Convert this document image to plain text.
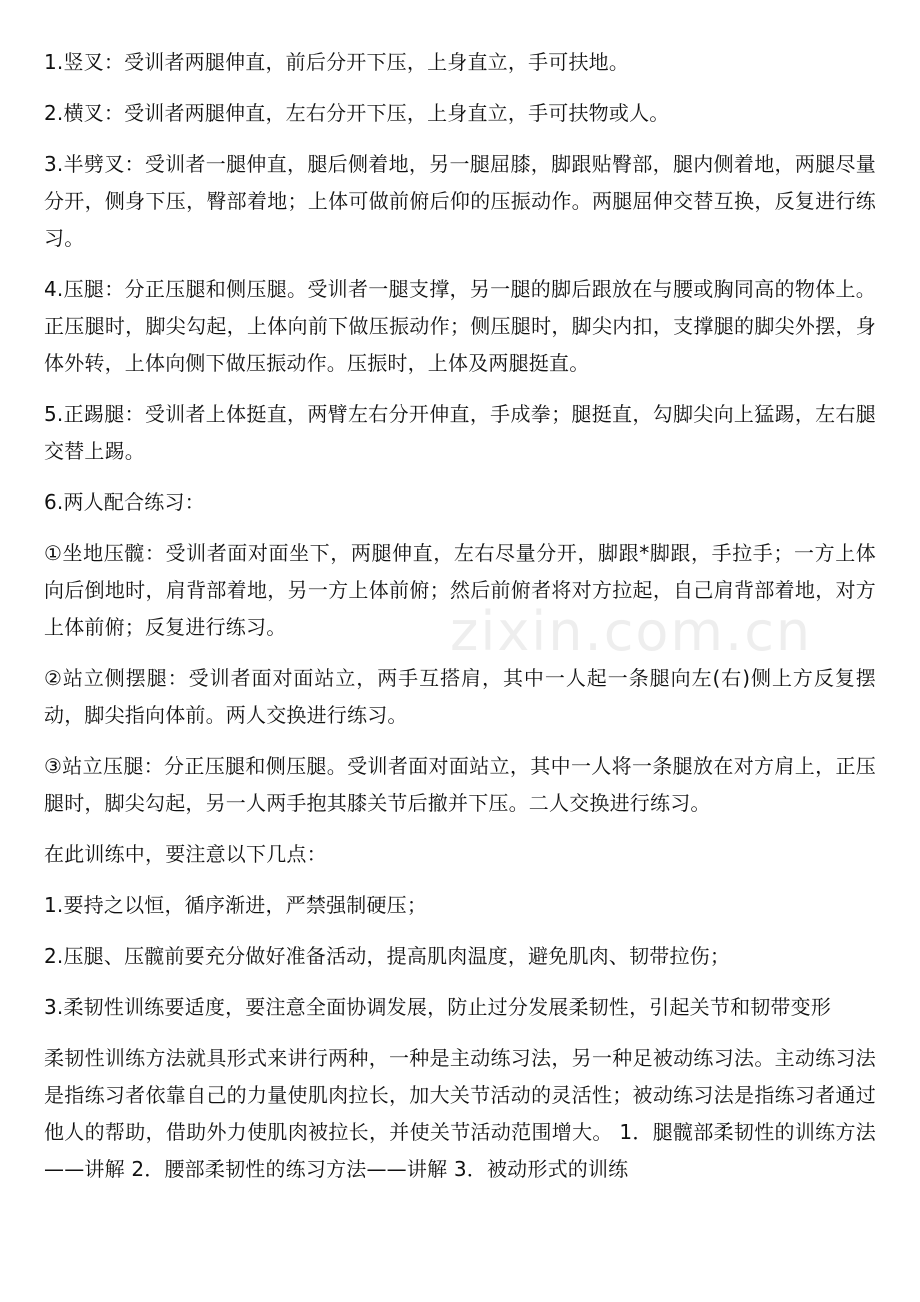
1.竖叉：受训者两腿伸直，前后分开下压，上身直立，手可扶地。

2.横叉：受训者两腿伸直，左右分开下压，上身直立，手可扶物或人。

3.半劈叉：受训者一腿伸直，腿后侧着地，另一腿屈膝，脚跟贴臀部，腿内侧着地，两腿尽量分开，侧身下压，臀部着地；上体可做前俯后仰的压振动作。两腿屈伸交替互换，反复进行练习。

4.压腿：分正压腿和侧压腿。受训者一腿支撑，另一腿的脚后跟放在与腰或胸同高的物体上。正压腿时，脚尖勾起，上体向前下做压振动作；侧压腿时，脚尖内扣，支撑腿的脚尖外摆，身体外转，上体向侧下做压振动作。压振时，上体及两腿挺直。

5.正踢腿：受训者上体挺直，两臂左右分开伸直，手成拳；腿挺直，勾脚尖向上猛踢，左右腿交替上踢。

6.两人配合练习：

①坐地压髋：受训者面对面坐下，两腿伸直，左右尽量分开，脚跟*脚跟，手拉手；一方上体向后倒地时，肩背部着地，另一方上体前俯；然后前俯者将对方拉起，自己肩背部着地，对方上体前俯；反复进行练习。

②站立侧摆腿：受训者面对面站立，两手互搭肩，其中一人起一条腿向左(右)侧上方反复摆动，脚尖指向体前。两人交换进行练习。

③站立压腿：分正压腿和侧压腿。受训者面对面站立，其中一人将一条腿放在对方肩上，正压腿时，脚尖勾起，另一人两手抱其膝关节后撤并下压。二人交换进行练习。

在此训练中，要注意以下几点：

1.要持之以恒，循序渐进，严禁强制硬压；

2.压腿、压髋前要充分做好准备活动，提高肌肉温度，避免肌肉、韧带拉伤；

3.柔韧性训练要适度，要注意全面协调发展，防止过分发展柔韧性，引起关节和韧带变形

柔韧性训练方法就具形式来讲行两种，一种是主动练习法，另一种足被动练习法。主动练习法是指练习者依靠自己的力量使肌肉拉长，加大关节活动的灵活性；被动练习法是指练习者通过他人的帮助，借助外力使肌肉被拉长，并使关节活动范围增大。 1．腿髋部柔韧性的训练方法——讲解 2．腰部柔韧性的练习方法——讲解 3．被动形式的训练

zixin.com.cn
